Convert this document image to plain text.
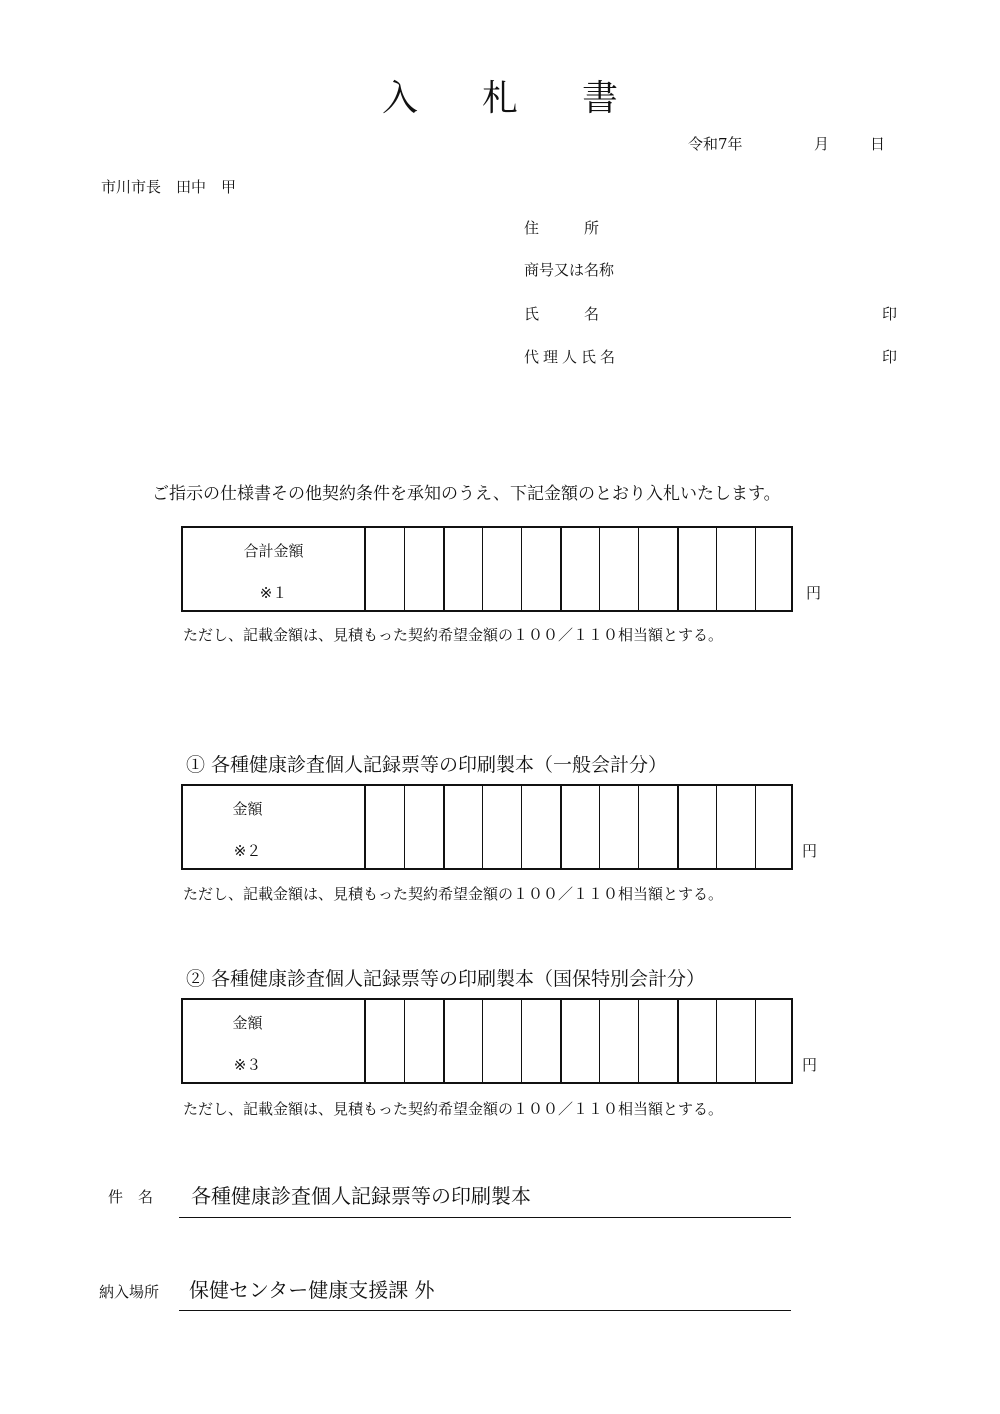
入 札 書
令和7年	月	日
市川市長　田中　甲
住　　　所
商号又は名称
氏　　　名	印
代理人氏名	印
ご指示の仕様書その他契約条件を承知のうえ、下記金額のとおり入札いたします。
合計金額
※１	円
ただし、記載金額は、見積もった契約希望金額の１００／１１０相当額とする。
① 各種健康診査個人記録票等の印刷製本（一般会計分）
金額
※２	円
ただし、記載金額は、見積もった契約希望金額の１００／１１０相当額とする。
② 各種健康診査個人記録票等の印刷製本（国保特別会計分）
金額
※３	円
ただし、記載金額は、見積もった契約希望金額の１００／１１０相当額とする。
件　名 各種健康診査個人記録票等の印刷製本
納入場所 保健センター健康支援課 外
